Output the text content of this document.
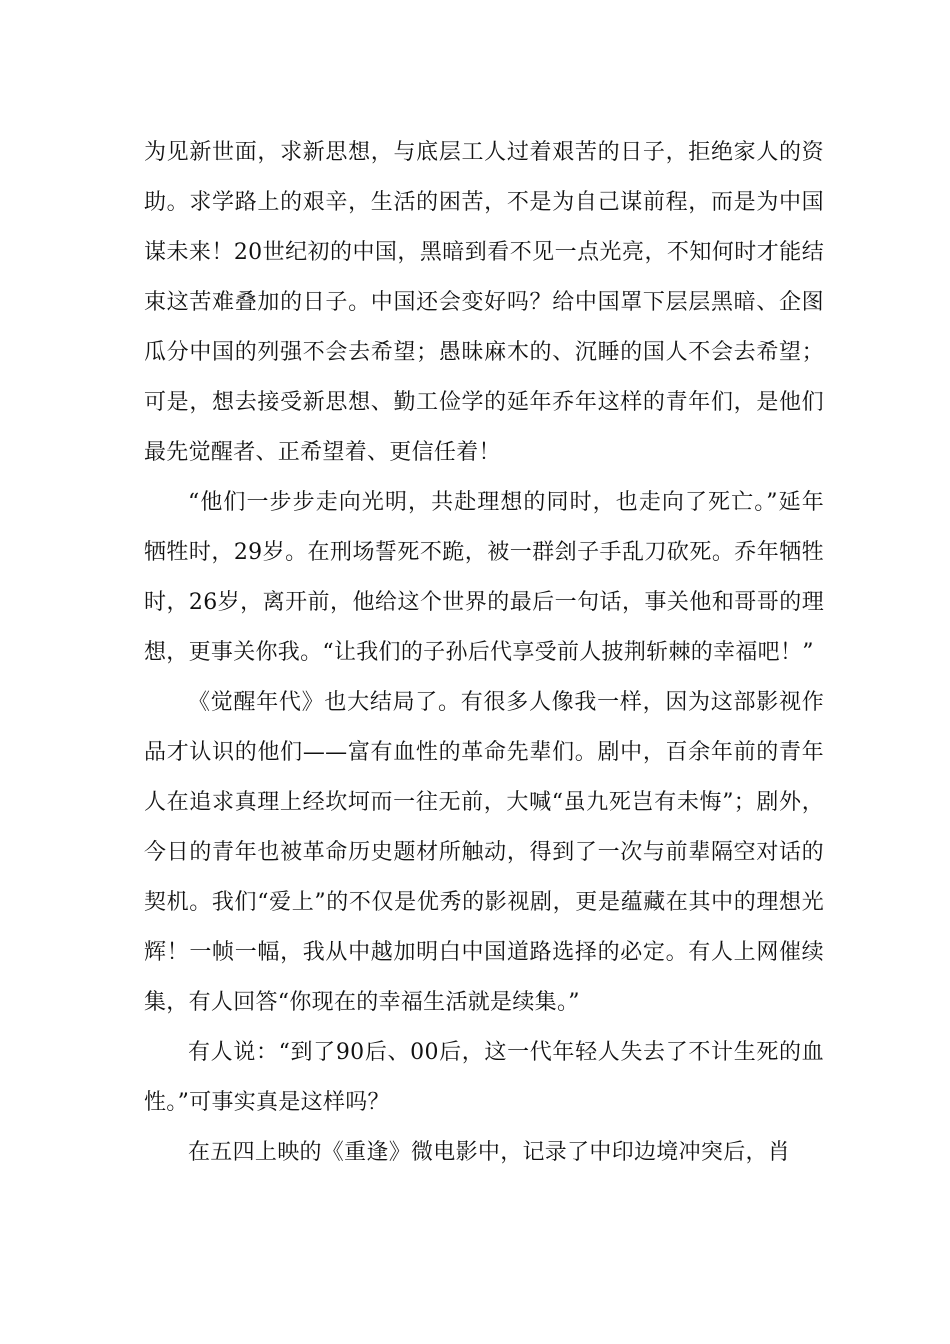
为见新世面，求新思想，与底层工人过着艰苦的日子，拒绝家人的资助。求学路上的艰辛，生活的困苦，不是为自己谋前程，而是为中国谋未来！20世纪初的中国，黑暗到看不见一点光亮，不知何时才能结束这苦难叠加的日子。中国还会变好吗？给中国罩下层层黑暗、企图瓜分中国的列强不会去希望；愚昧麻木的、沉睡的国人不会去希望；可是，想去接受新思想、勤工俭学的延年乔年这样的青年们，是他们最先觉醒者、正希望着、更信任着！

“他们一步步走向光明，共赴理想的同时，也走向了死亡。”延年牺牲时，29岁。在刑场誓死不跪，被一群刽子手乱刀砍死。乔年牺牲时，26岁，离开前，他给这个世界的最后一句话，事关他和哥哥的理想，更事关你我。“让我们的子孙后代享受前人披荆斩棘的幸福吧！”

《觉醒年代》也大结局了。有很多人像我一样，因为这部影视作品才认识的他们——富有血性的革命先辈们。剧中，百余年前的青年人在追求真理上经坎坷而一往无前，大喊“虽九死岂有未悔”；剧外，今日的青年也被革命历史题材所触动，得到了一次与前辈隔空对话的契机。我们“爱上”的不仅是优秀的影视剧，更是蕴藏在其中的理想光辉！一帧一幅，我从中越加明白中国道路选择的必定。有人上网催续集，有人回答“你现在的幸福生活就是续集。”

有人说：“到了90后、00后，这一代年轻人失去了不计生死的血性。”可事实真是这样吗？

在五四上映的《重逢》微电影中，记录了中印边境冲突后，肖
